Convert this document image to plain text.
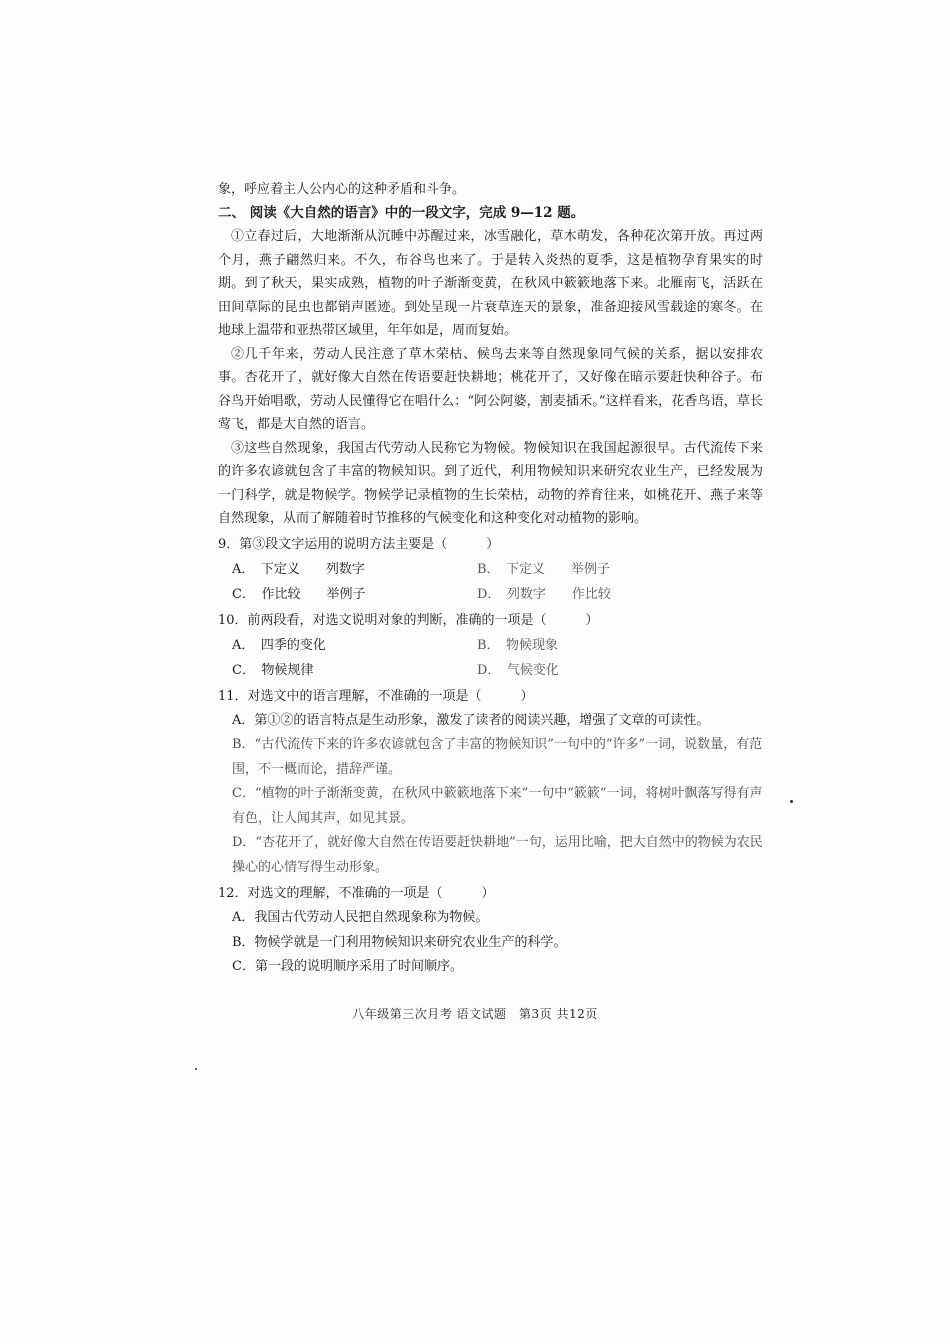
象，呼应着主人公内心的这种矛盾和斗争。
二、 阅读《大自然的语言》中的一段文字，完成 9—12 题。

①立春过后，大地渐渐从沉睡中苏醒过来，冰雪融化，草木萌发，各种花次第开放。再过两个月，燕子翩然归来。不久，布谷鸟也来了。于是转入炎热的夏季，这是植物孕育果实的时期。到了秋天，果实成熟，植物的叶子渐渐变黄，在秋风中簌簌地落下来。北雁南飞，活跃在田间草际的昆虫也都销声匿迹。到处呈现一片衰草连天的景象，准备迎接风雪载途的寒冬。在地球上温带和亚热带区域里，年年如是，周而复始。

②几千年来，劳动人民注意了草木荣枯、候鸟去来等自然现象同气候的关系，据以安排农事。杏花开了，就好像大自然在传语要赶快耕地；桃花开了，又好像在暗示要赶快种谷子。布谷鸟开始唱歌，劳动人民懂得它在唱什么：“阿公阿婆，割麦插禾。”这样看来，花香鸟语，草长莺飞，都是大自然的语言。

③这些自然现象，我国古代劳动人民称它为物候。物候知识在我国起源很早。古代流传下来的许多农谚就包含了丰富的物候知识。到了近代，利用物候知识来研究农业生产，已经发展为一门科学，就是物候学。物候学记录植物的生长荣枯，动物的养育往来，如桃花开、燕子来等自然现象，从而了解随着时节推移的气候变化和这种变化对动植物的影响。

9．第③段文字运用的说明方法主要是（　　　）
A．　下定义　　列数字	B．　下定义　　举例子
C．　作比较　　举例子	D．　列数字　　作比较
10．前两段看，对选文说明对象的判断，准确的一项是（　　　）
A．　四季的变化	B．　物候现象
C．　物候规律	D．　气候变化
11．对选文中的语言理解，不准确的一项是（　　　）
A．第①②的语言特点是生动形象，激发了读者的阅读兴趣，增强了文章的可读性。
B．“古代流传下来的许多农谚就包含了丰富的物候知识”一句中的“许多”一词，说数量，有范围，不一概而论，措辞严谨。
C．“植物的叶子渐渐变黄，在秋风中簌簌地落下来”一句中“簌簌”一词，将树叶飘落写得有声有色，让人闻其声，如见其景。
D．“杏花开了，就好像大自然在传语要赶快耕地”一句，运用比喻，把大自然中的物候为农民操心的心情写得生动形象。
12．对选文的理解，不准确的一项是（　　　）
A．我国古代劳动人民把自然现象称为物候。
B．物候学就是一门利用物候知识来研究农业生产的科学。
C．第一段的说明顺序采用了时间顺序。
八年级第三次月考 语文试题　第3页 共12页
